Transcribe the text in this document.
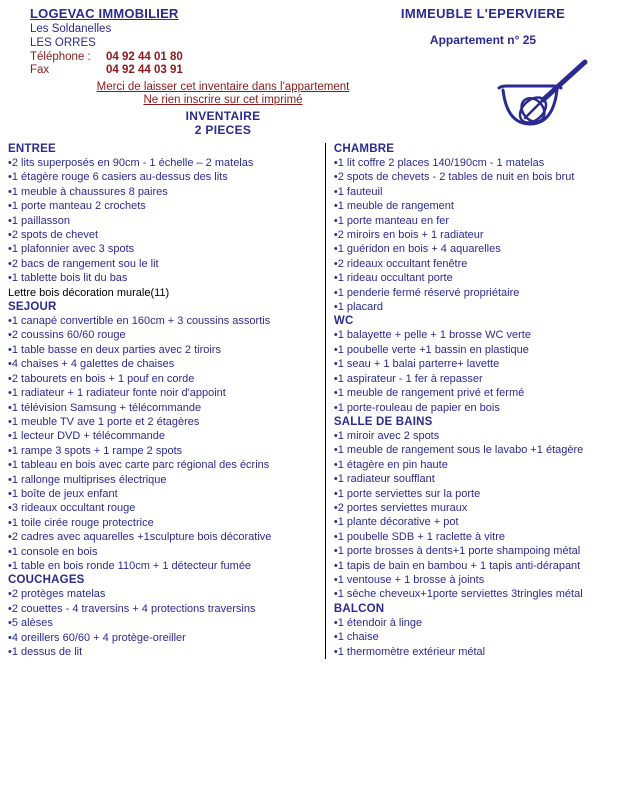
LOGEVAC IMMOBILIER
Les Soldanelles
LES ORRES
Téléphone :	04 92 44 01 80
Fax	04 92 44 03 91
IMMEUBLE L'EPERVIERE
Appartement n° 25
Merci de laisser cet inventaire dans l'appartement
Ne rien inscrire sur cet imprimé
INVENTAIRE
2 PIECES
ENTREE
•2 lits superposés en 90cm - 1 échelle – 2 matelas
•1 étagère rouge 6 casiers au-dessus des lits
•1 meuble à chaussures 8 paires
•1 porte manteau 2 crochets
•1 paillasson
•2 spots de chevet
•1 plafonnier avec 3 spots
•2 bacs de rangement sou le lit
•1 tablette bois lit du bas
Lettre bois décoration murale(11)
SEJOUR
•1 canapé convertible en 160cm + 3 coussins assortis
•2 coussins 60/60 rouge
•1 table basse en deux parties avec 2 tiroirs
•4 chaises + 4 galettes de chaises
•2 tabourets en bois + 1 pouf en corde
•1 radiateur + 1 radiateur fonte noir d'appoint
•1 télévision Samsung + télécommande
•1 meuble TV ave 1 porte et 2 étagères
•1 lecteur DVD + télécommande
•1 rampe 3 spots + 1 rampe 2 spots
•1 tableau en bois avec carte parc régional des écrins
•1 rallonge multiprises électrique
•1 boîte de jeux enfant
•3 rideaux occultant rouge
•1 toile cirée rouge protectrice
•2 cadres avec aquarelles +1sculpture bois décorative
•1 console en bois
•1 table en bois ronde 110cm + 1 détecteur fumée
COUCHAGES
•2 protèges matelas
•2 couettes - 4 traversins + 4 protections traversins
•5 alèses
•4 oreillers 60/60 + 4 protège-oreiller
•1 dessus de lit
CHAMBRE
•1 lit coffre 2 places 140/190cm - 1 matelas
•2 spots de chevets - 2 tables de nuit en bois brut
•1 fauteuil
•1 meuble de rangement
•1 porte manteau en fer
•2 miroirs en bois + 1 radiateur
•1 guéridon en bois + 4 aquarelles
•2 rideaux occultant fenêtre
•1 rideau occultant porte
•1 penderie fermé réservé propriétaire
•1 placard
WC
•1 balayette + pelle + 1 brosse WC verte
•1 poubelle verte +1 bassin en plastique
•1 seau + 1 balai parterre+ lavette
•1 aspirateur - 1 fer à repasser
•1 meuble de rangement privé et fermé
•1 porte-rouleau de papier en bois
SALLE DE BAINS
•1 miroir avec 2 spots
•1 meuble de rangement sous le lavabo +1 étagère
•1 étagère en pin haute
•1 radiateur soufflant
•1 porte serviettes sur la porte
•2 portes serviettes muraux
•1 plante décorative + pot
•1 poubelle SDB + 1 raclette à vitre
•1 porte brosses à dents+1 porte shampoing métal
•1 tapis de bain en bambou + 1 tapis anti-dérapant
•1 ventouse + 1 brosse à joints
•1 sèche cheveux+1porte serviettes 3tringles métal
BALCON
•1 étendoir à linge
•1 chaise
•1 thermomètre extérieur métal
